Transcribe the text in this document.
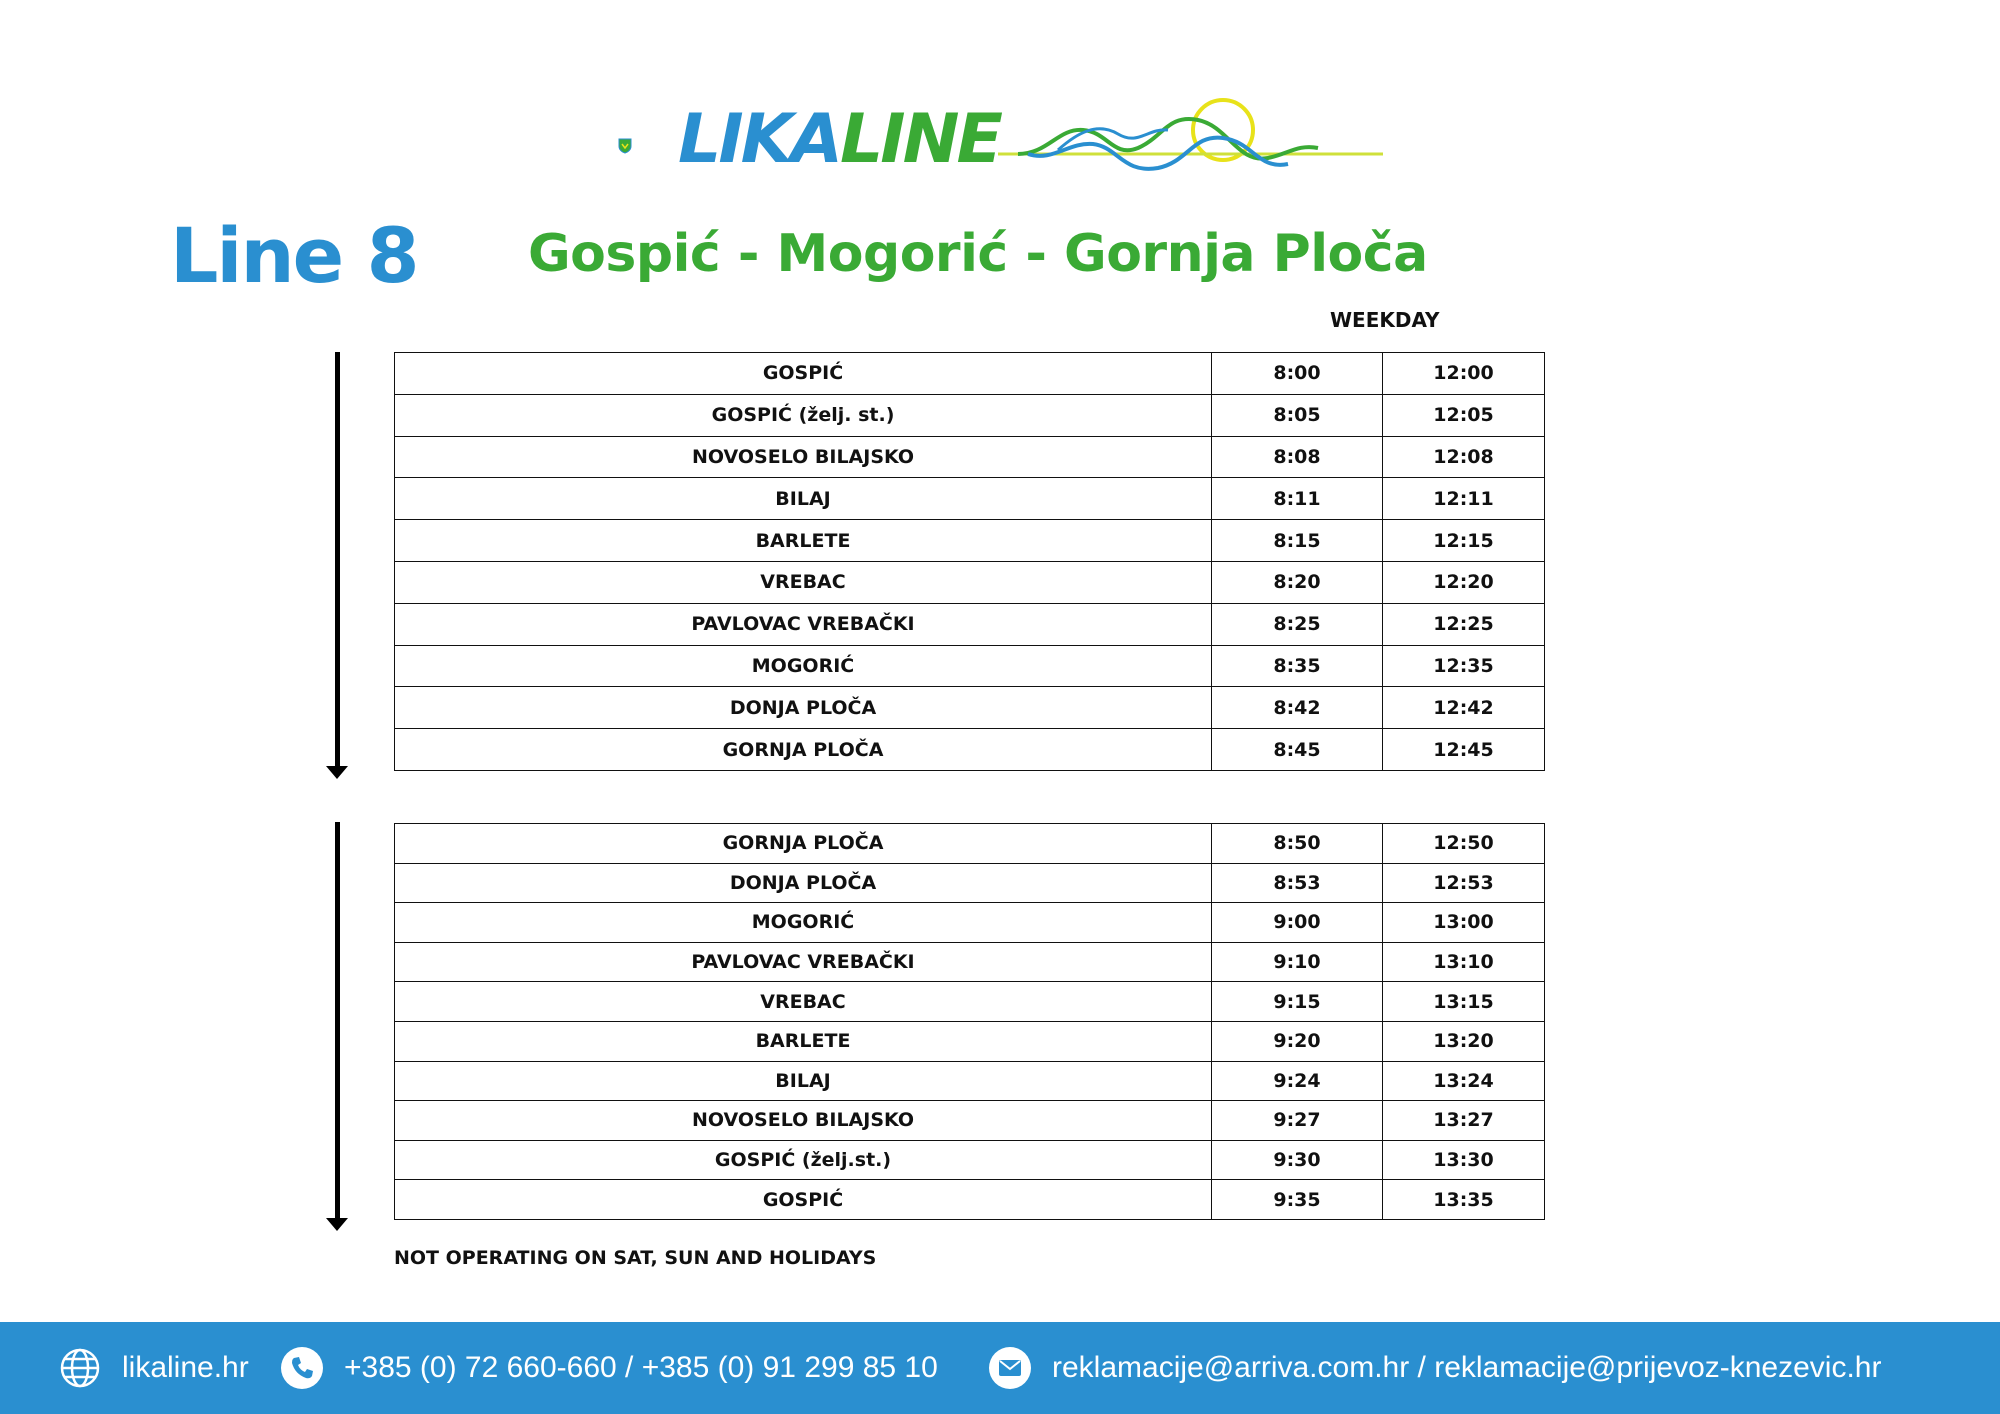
LIKALINE
Line 8 Gospić - Mogorić - Gornja Ploča
WEEKDAY
GOSPIĆ	8:00	12:00
GOSPIĆ (želj. st.)	8:05	12:05
NOVOSELO BILAJSKO	8:08	12:08
BILAJ	8:11	12:11
BARLETE	8:15	12:15
VREBAC	8:20	12:20
PAVLOVAC VREBAČKI	8:25	12:25
MOGORIĆ	8:35	12:35
DONJA PLOČA	8:42	12:42
GORNJA PLOČA	8:45	12:45
GORNJA PLOČA	8:50	12:50
DONJA PLOČA	8:53	12:53
MOGORIĆ	9:00	13:00
PAVLOVAC VREBAČKI	9:10	13:10
VREBAC	9:15	13:15
BARLETE	9:20	13:20
BILAJ	9:24	13:24
NOVOSELO BILAJSKO	9:27	13:27
GOSPIĆ (želj.st.)	9:30	13:30
GOSPIĆ	9:35	13:35
NOT OPERATING ON SAT, SUN AND HOLIDAYS
likaline.hr	+385 (0) 72 660-660 / +385 (0) 91 299 85 10	reklamacije@arriva.com.hr / reklamacije@prijevoz-knezevic.hr
